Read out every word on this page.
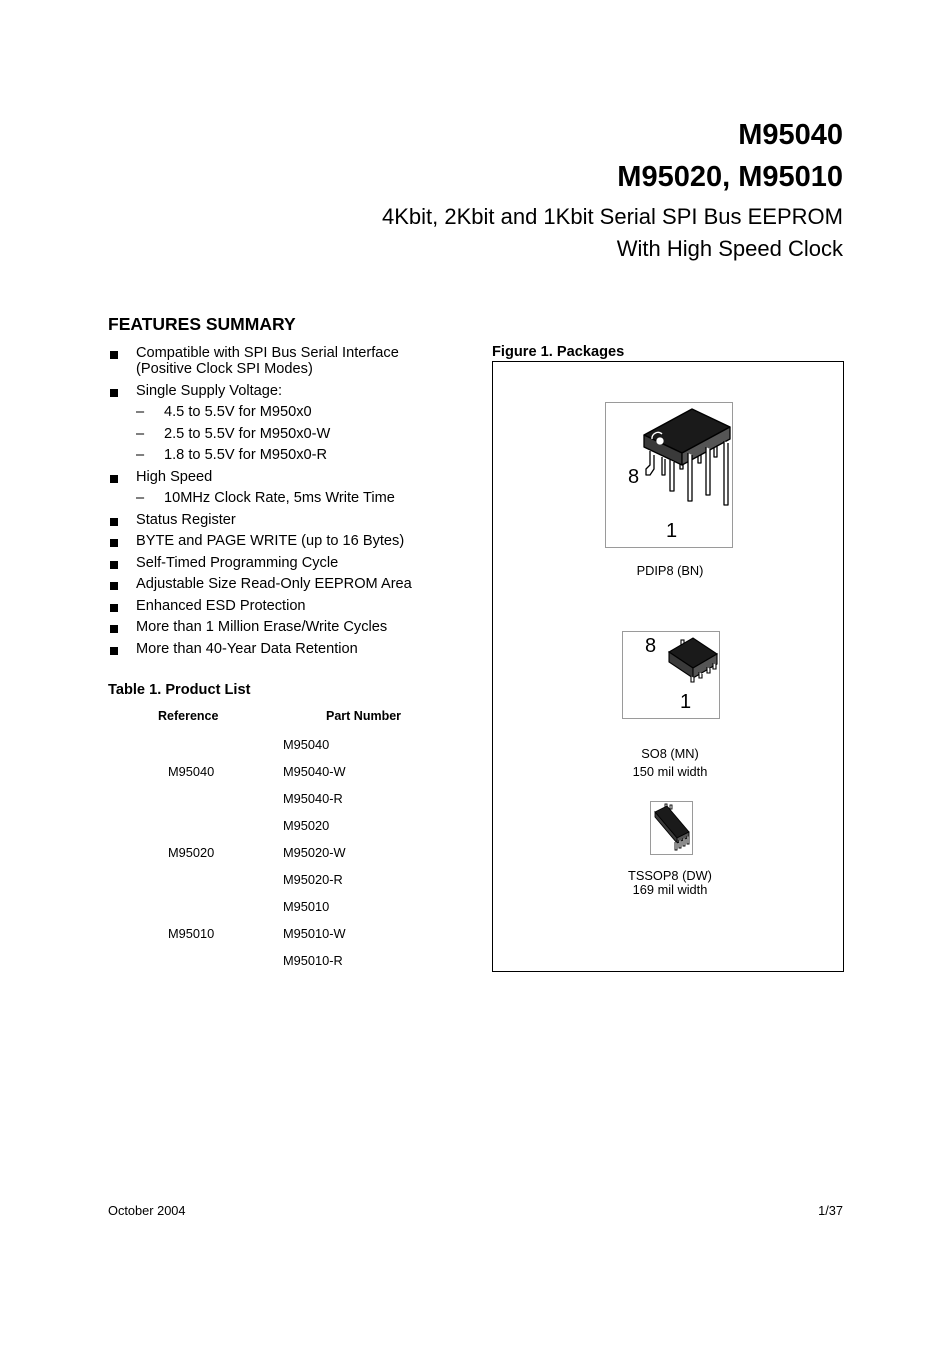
M95040
M95020, M95010
4Kbit, 2Kbit and 1Kbit Serial SPI Bus EEPROM
With High Speed Clock
FEATURES SUMMARY
Compatible with SPI Bus Serial Interface
(Positive Clock SPI Modes)
Single Supply Voltage:
– 4.5 to 5.5V for M950x0
– 2.5 to 5.5V for M950x0-W
– 1.8 to 5.5V for M950x0-R
High Speed
– 10MHz Clock Rate, 5ms Write Time
Status Register
BYTE and PAGE WRITE (up to 16 Bytes)
Self-Timed Programming Cycle
Adjustable Size Read-Only EEPROM Area
Enhanced ESD Protection
More than 1 Million Erase/Write Cycles
More than 40-Year Data Retention
Table 1. Product List
Reference	Part Number
M95040
M95040
M95040-W
M95040-R
M95020
M95020
M95020-W
M95020-R
M95010
M95010
M95010-W
M95010-R
Figure 1. Packages
8
1
PDIP8 (BN)
8
1
SO8 (MN)
150 mil width
TSSOP8 (DW)
169 mil width
October 2004	1/37
